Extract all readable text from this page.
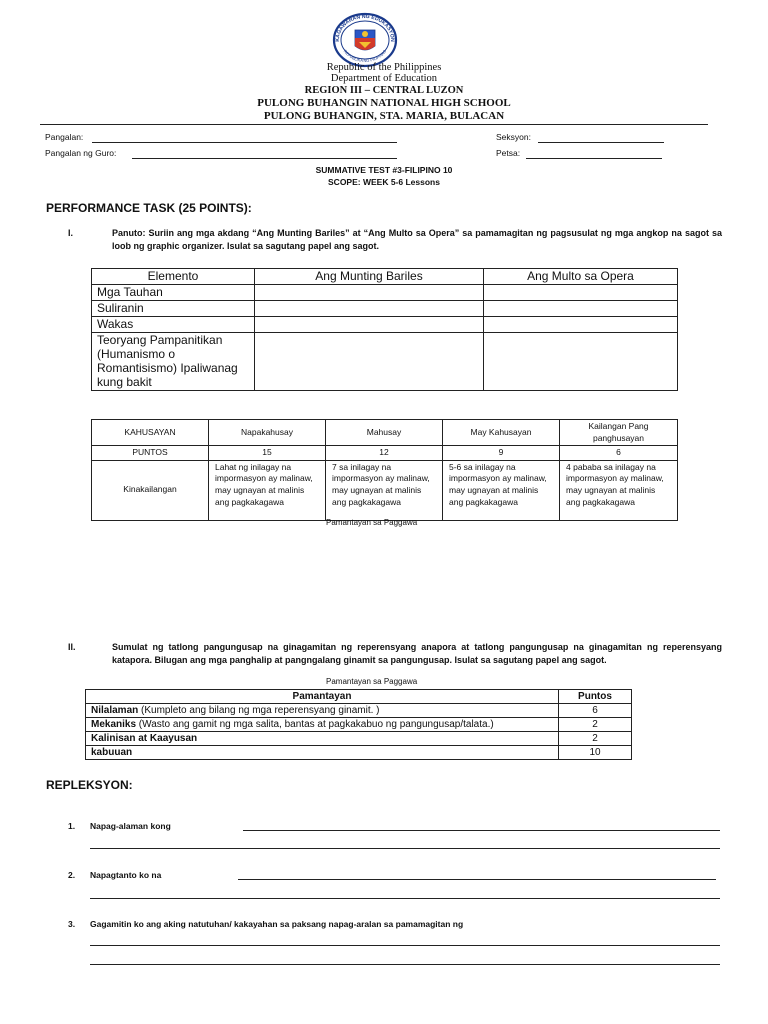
KAGAWARAN NG EDUKASYON
REPUBLIKA NG PILIPINAS
Republic of the Philippines
Department of Education
REGION III – CENTRAL LUZON
PULONG BUHANGIN NATIONAL HIGH SCHOOL
PULONG BUHANGIN, STA. MARIA, BULACAN
Pangalan:	Seksyon:
Pangalan ng Guro:	Petsa:
SUMMATIVE TEST #3-FILIPINO 10
SCOPE: WEEK 5-6 Lessons
PERFORMANCE TASK (25 POINTS):
I.	Panuto: Suriin ang mga akdang “Ang Munting Bariles” at “Ang Multo sa Opera” sa pamamagitan ng pagsusulat ng mga angkop na sagot sa loob ng graphic organizer. Isulat sa sagutang papel ang sagot.
Elemento	Ang Munting Bariles	Ang Multo sa Opera
Mga Tauhan		
Suliranin		
Wakas		
Teoryang Pampanitikan (Humanismo o Romantisismo) Ipaliwanag kung bakit		
KAHUSAYAN	Napakahusay	Mahusay	May Kahusayan	Kailangan Pang panghusayan
PUNTOS	15	12	9	6
Kinakailangan	Lahat ng inilagay na impormasyon ay malinaw, may ugnayan at malinis ang pagkakagawa	7 sa inilagay na impormasyon ay malinaw, may ugnayan at malinis ang pagkakagawa	5-6 sa inilagay na impormasyon ay malinaw, may ugnayan at malinis ang pagkakagawa	4 pababa sa inilagay na impormasyon ay malinaw, may ugnayan at malinis ang pagkakagawa
Pamantayan sa Paggawa
II.	Sumulat ng tatlong pangungusap na ginagamitan ng reperensyang anapora at tatlong pangungusap na ginagamitan ng reperensyang katapora. Bilugan ang mga panghalip at pangngalang ginamit sa pangungusap. Isulat sa sagutang papel ang sagot.
Pamantayan sa Paggawa
Pamantayan	Puntos
Nilalaman (Kumpleto ang bilang ng mga reperensyang ginamit. )	6
Mekaniks (Wasto ang gamit ng mga salita, bantas at pagkakabuo ng pangungusap/talata.)	2
Kalinisan at Kaayusan	2
kabuuan	10
REPLEKSYON:
1. Napag-alaman kong
2. Napagtanto ko na
3. Gagamitin ko ang aking natutuhan/ kakayahan sa paksang napag-aralan sa pamamagitan ng
